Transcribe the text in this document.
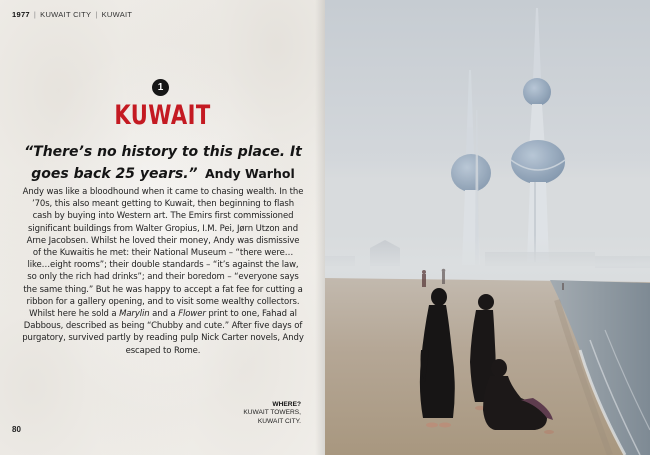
1977 | KUWAIT CITY | KUWAIT
1
KUWAIT
“There’s no history to this place. It goes back 25 years.” Andy Warhol
Andy was like a bloodhound when it came to chasing wealth. In the ’70s, this also meant getting to Kuwait, then beginning to flash cash by buying into Western art. The Emirs first commissioned significant buildings from Walter Gropius, I.M. Pei, Jørn Utzon and Arne Jacobsen. Whilst he loved their money, Andy was dismissive of the Kuwaitis he met: their National Museum – “there were…like…eight rooms”; their double standards – “it’s against the law, so only the rich had drinks”; and their boredom – “everyone says the same thing.” But he was happy to accept a fat fee for cutting a ribbon for a gallery opening, and to visit some wealthy collectors. Whilst here he sold a Marylin and a Flower print to one, Fahad al Dabbous, described as being “Chubby and cute.” After five days of purgatory, survived partly by reading pulp Nick Carter novels, Andy escaped to Rome.
WHERE?
KUWAIT TOWERS,
KUWAIT CITY.
80
